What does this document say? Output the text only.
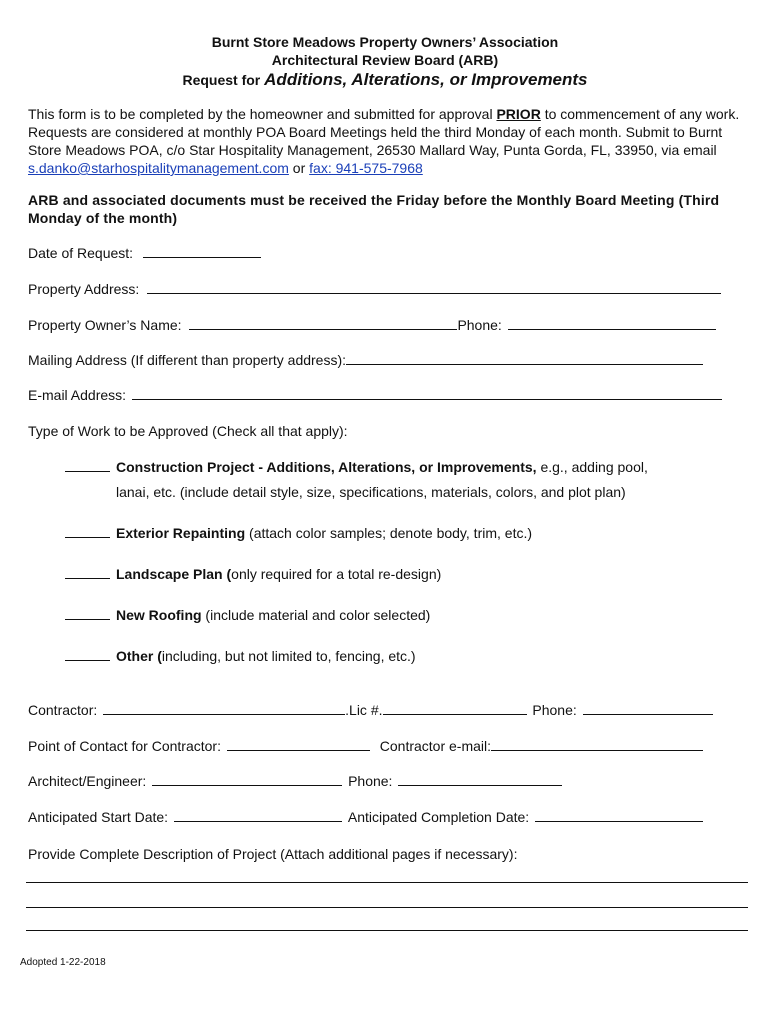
Burnt Store Meadows Property Owners’ Association
Architectural Review Board (ARB)
Request for Additions, Alterations, or Improvements
This form is to be completed by the homeowner and submitted for approval PRIOR to commencement of any work. Requests are considered at monthly POA Board Meetings held the third Monday of each month. Submit to Burnt Store Meadows POA, c/o Star Hospitality Management, 26530 Mallard Way, Punta Gorda, FL, 33950, via email s.danko@starhospitalitymanagement.com or fax: 941-575-7968
ARB and associated documents must be received the Friday before the Monthly Board Meeting (Third Monday of the month)
Date of Request:
Property Address:
Property Owner’s Name:	Phone:
Mailing Address (If different than property address):
E-mail Address:
Type of Work to be Approved (Check all that apply):
Construction Project - Additions, Alterations, or Improvements, e.g., adding pool,
lanai, etc. (include detail style, size, specifications, materials, colors, and plot plan)
Exterior Repainting (attach color samples; denote body, trim, etc.)
Landscape Plan (only required for a total re-design)
New Roofing (include material and color selected)
Other (including, but not limited to, fencing, etc.)
Contractor:	.Lic #.	Phone:
Point of Contact for Contractor:	Contractor e-mail:
Architect/Engineer:	Phone:
Anticipated Start Date:	Anticipated Completion Date:
Provide Complete Description of Project (Attach additional pages if necessary):
Adopted 1-22-2018
